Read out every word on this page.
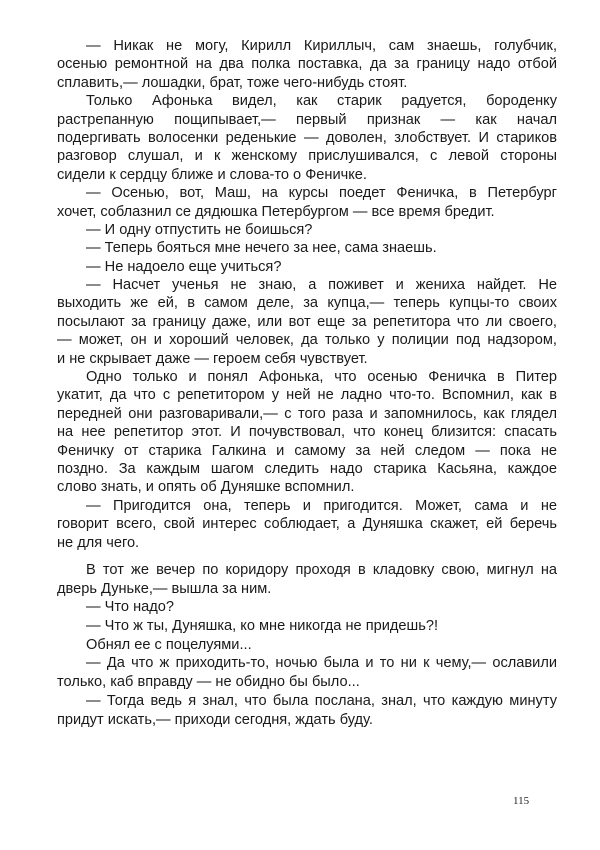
— Никак не могу, Кирилл Кириллыч, сам знаешь, голубчик,
осенью ремонтной на два полка поставка, да за границу надо отбой
сплавить,— лошадки, брат, тоже чего-нибудь стоят.
Только Афонька видел, как старик радуется, бороденку
растрепанную пощипывает,— первый признак — как начал
подергивать волосенки реденькие — доволен, злобствует. И стариков
разговор слушал, и к женскому прислушивался, с левой стороны
сидели к сердцу ближе и слова-то о Феничке.
— Осенью, вот, Маш, на курсы поедет Феничка, в Петербург
хочет, соблазнил се дядюшка Петербургом — все время бредит.
— И одну отпустить не боишься?
— Теперь бояться мне нечего за нее, сама знаешь.
— Не надоело еще учиться?
— Насчет ученья не знаю, а поживет и жениха найдет. Не
выходить же ей, в самом деле, за купца,— теперь купцы-то своих
посылают за границу даже, или вот еще за репетитора что ли своего,
— может, он и хороший человек, да только у полиции под надзором,
и не скрывает даже — героем себя чувствует.
Одно только и понял Афонька, что осенью Феничка в Питер
укатит, да что с репетитором у ней не ладно что-то. Вспомнил, как в
передней они разговаривали,— с того раза и запомнилось, как глядел
на нее репетитор этот. И почувствовал, что конец близится: спасать
Феничку от старика Галкина и самому за ней следом — пока не
поздно. За каждым шагом следить надо старика Касьяна, каждое
слово знать, и опять об Дуняшке вспомнил.
— Пригодится она, теперь и пригодится. Может, сама и не
говорит всего, свой интерес соблюдает, а Дуняшка скажет, ей беречь
не для чего.
В тот же вечер по коридору проходя в кладовку свою, мигнул на
дверь Дуньке,— вышла за ним.
— Что надо?
— Что ж ты, Дуняшка, ко мне никогда не придешь?!
Обнял ее с поцелуями...
— Да что ж приходить-то, ночью была и то ни к чему,— ославили
только, каб вправду — не обидно бы было...
— Тогда ведь я знал, что была послана, знал, что каждую минуту
придут искать,— приходи сегодня, ждать буду.
115
